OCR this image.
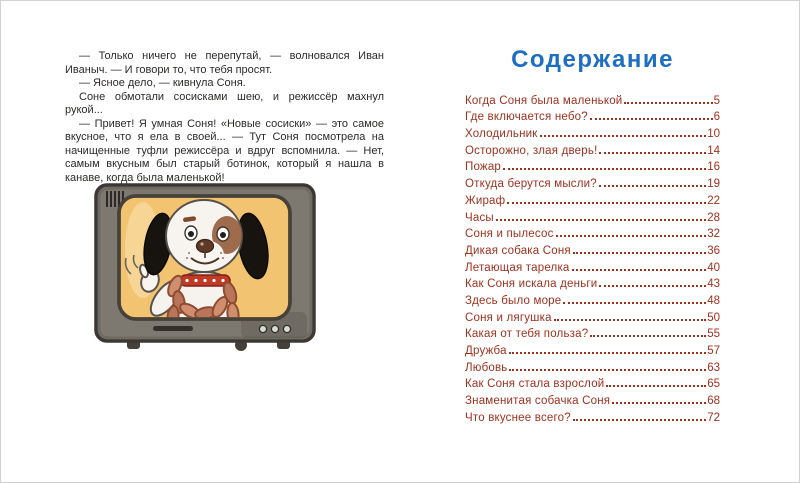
— Только ничего не перепутай, — волновался Иван Иваныч. — И говори то, что тебя просят.

— Ясное дело, — кивнула Соня.

Соне обмотали сосисками шею, и режиссёр махнул рукой...

— Привет! Я умная Соня! «Новые сосиски» — это самое вкусное, что я ела в своей... — Тут Соня посмотрела на начищенные туфли режиссёра и вдруг вспомнила. — Нет, самым вкусным был старый ботинок, который я нашла в канаве, когда была маленькой!

Содержание
Когда Соня была маленькой	5
Где включается небо?	6
Холодильник	10
Осторожно, злая дверь!	14
Пожар	16
Откуда берутся мысли?	19
Жираф	22
Часы	28
Соня и пылесос	32
Дикая собака Соня	36
Летающая тарелка	40
Как Соня искала деньги	43
Здесь было море	48
Соня и лягушка	50
Какая от тебя польза?	55
Дружба	57
Любовь	63
Как Соня стала взрослой	65
Знаменитая собачка Соня	68
Что вкуснее всего?	72
